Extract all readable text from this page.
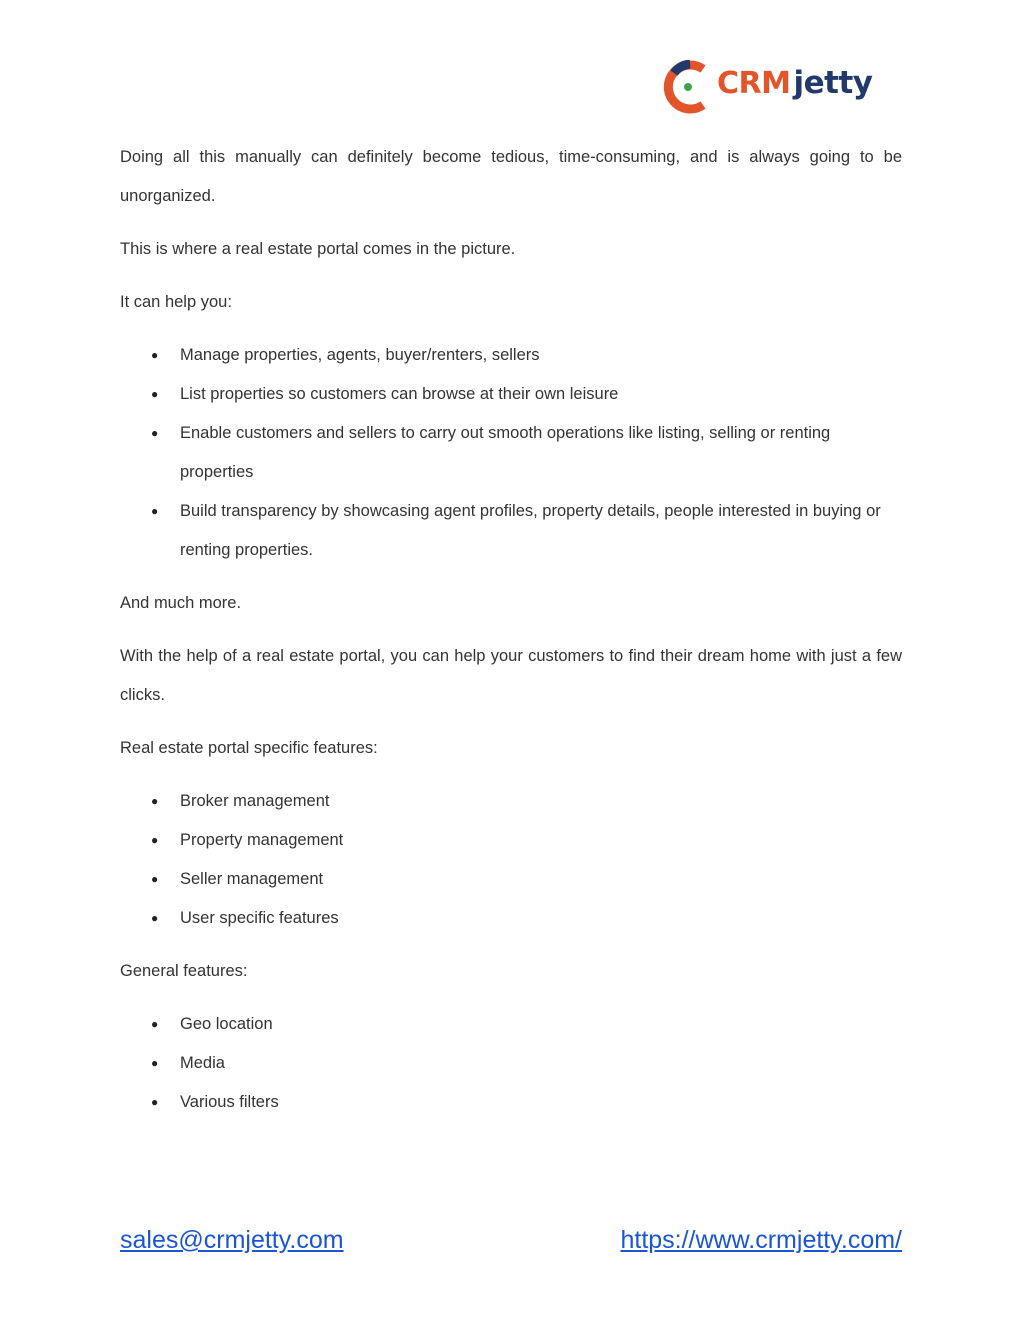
CRMjetty

Doing all this manually can definitely become tedious, time-consuming, and is always going to be unorganized.

This is where a real estate portal comes in the picture.

It can help you:

● Manage properties, agents, buyer/renters, sellers
● List properties so customers can browse at their own leisure
● Enable customers and sellers to carry out smooth operations like listing, selling or renting properties
● Build transparency by showcasing agent profiles, property details, people interested in buying or renting properties.

And much more.

With the help of a real estate portal, you can help your customers to find their dream home with just a few clicks.

Real estate portal specific features:

● Broker management
● Property management
● Seller management
● User specific features

General features:

● Geo location
● Media
● Various filters
sales@crmjetty.com	https://www.crmjetty.com/
